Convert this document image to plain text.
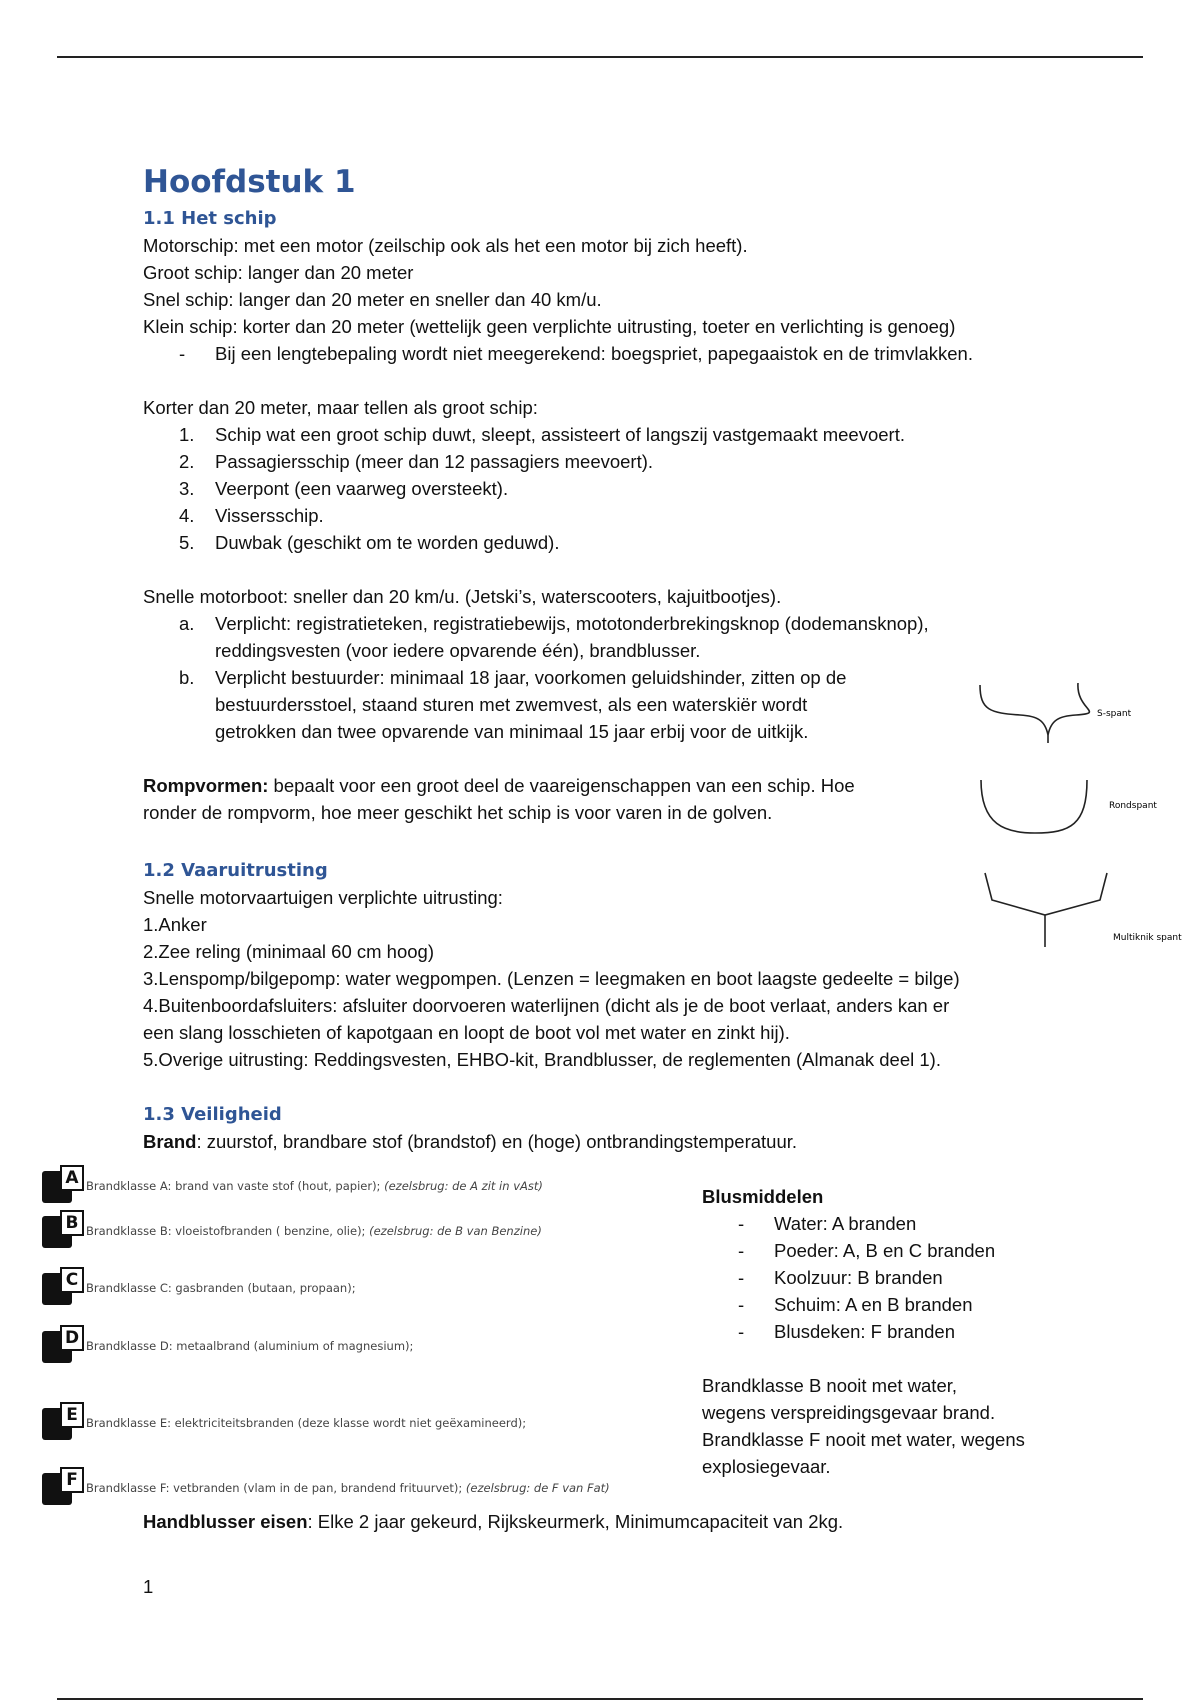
Hoofdstuk 1
1.1 Het schip
Motorschip: met een motor (zeilschip ook als het een motor bij zich heeft).
Groot schip: langer dan 20 meter
Snel schip: langer dan 20 meter en sneller dan 40 km/u.
Klein schip: korter dan 20 meter (wettelijk geen verplichte uitrusting, toeter en verlichting is genoeg)
- Bij een lengtebepaling wordt niet meegerekend: boegspriet, papegaaistok en de trimvlakken.
Korter dan 20 meter, maar tellen als groot schip:
1. Schip wat een groot schip duwt, sleept, assisteert of langszij vastgemaakt meevoert.
2. Passagiersschip (meer dan 12 passagiers meevoert).
3. Veerpont (een vaarweg oversteekt).
4. Vissersschip.
5. Duwbak (geschikt om te worden geduwd).
Snelle motorboot: sneller dan 20 km/u. (Jetski’s, waterscooters, kajuitbootjes).
a. Verplicht: registratieteken, registratiebewijs, mototonderbrekingsknop (dodemansknop),
reddingsvesten (voor iedere opvarende één), brandblusser.
b. Verplicht bestuurder: minimaal 18 jaar, voorkomen geluidshinder, zitten op de
bestuurdersstoel, staand sturen met zwemvest, als een waterskiër wordt
getrokken dan twee opvarende van minimaal 15 jaar erbij voor de uitkijk.
Rompvormen: bepaalt voor een groot deel de vaareigenschappen van een schip. Hoe
ronder de rompvorm, hoe meer geschikt het schip is voor varen in de golven.
S-spant
Rondspant
Multiknik spant
1.2 Vaaruitrusting
Snelle motorvaartuigen verplichte uitrusting:
1.Anker
2.Zee reling (minimaal 60 cm hoog)
3.Lenspomp/bilgepomp: water wegpompen. (Lenzen = leegmaken en boot laagste gedeelte = bilge)
4.Buitenboordafsluiters: afsluiter doorvoeren waterlijnen (dicht als je de boot verlaat, anders kan er
een slang losschieten of kapotgaan en loopt de boot vol met water en zinkt hij).
5.Overige uitrusting: Reddingsvesten, EHBO-kit, Brandblusser, de reglementen (Almanak deel 1).
1.3 Veiligheid
Brand: zuurstof, brandbare stof (brandstof) en (hoge) ontbrandingstemperatuur.
A Brandklasse A: brand van vaste stof (hout, papier); (ezelsbrug: de A zit in vAst)
B Brandklasse B: vloeistofbranden ( benzine, olie); (ezelsbrug: de B van Benzine)
C Brandklasse C: gasbranden (butaan, propaan);
D Brandklasse D: metaalbrand (aluminium of magnesium);
E Brandklasse E: elektriciteitsbranden (deze klasse wordt niet geëxamineerd);
F Brandklasse F: vetbranden (vlam in de pan, brandend frituurvet); (ezelsbrug: de F van Fat)
Blusmiddelen
- Water: A branden
- Poeder: A, B en C branden
- Koolzuur: B branden
- Schuim: A en B branden
- Blusdeken: F branden
Brandklasse B nooit met water,
wegens verspreidingsgevaar brand.
Brandklasse F nooit met water, wegens
explosiegevaar.
Handblusser eisen: Elke 2 jaar gekeurd, Rijkskeurmerk, Minimumcapaciteit van 2kg.
1
